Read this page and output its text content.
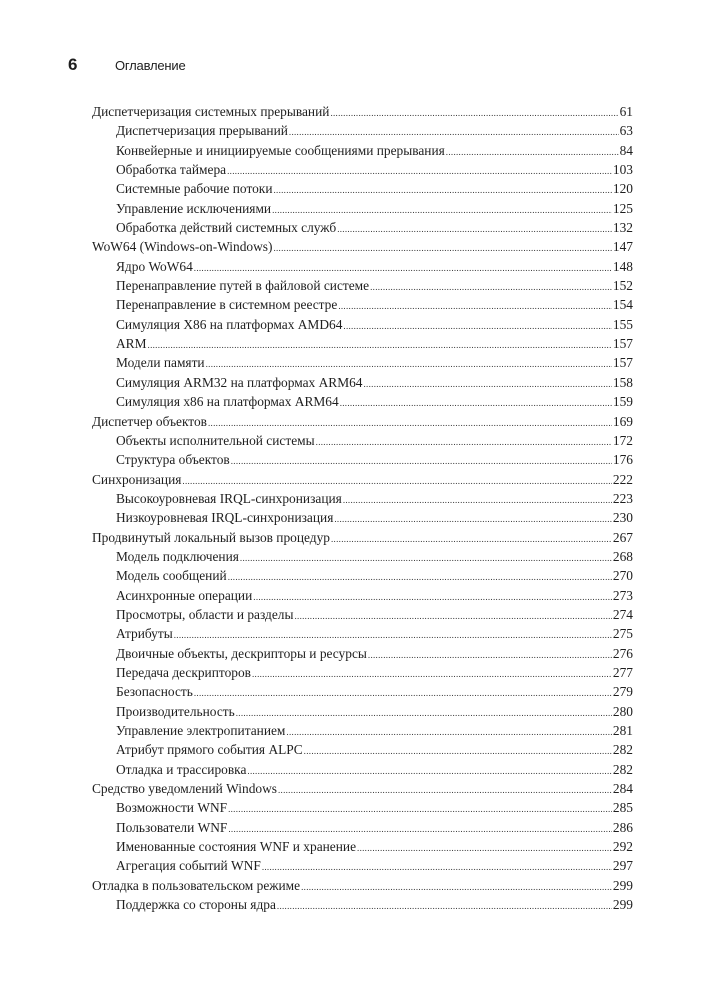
6	Оглавление
Диспетчеризация системных прерываний .....	61
Диспетчеризация прерываний .....	63
Конвейерные и инициируемые сообщениями прерывания .....	84
Обработка таймера .....	103
Системные рабочие потоки .....	120
Управление исключениями .....	125
Обработка действий системных служб .....	132
WoW64 (Windows-on-Windows) .....	147
Ядро WoW64 .....	148
Перенаправление путей в файловой системе .....	152
Перенаправление в системном реестре .....	154
Симуляция X86 на платформах AMD64 .....	155
ARM .....	157
Модели памяти .....	157
Симуляция ARM32 на платформах ARM64 .....	158
Симуляция x86 на платформах ARM64 .....	159
Диспетчер объектов .....	169
Объекты исполнительной системы .....	172
Структура объектов .....	176
Синхронизация .....	222
Высокоуровневая IRQL-синхронизация .....	223
Низкоуровневая IRQL-синхронизация .....	230
Продвинутый локальный вызов процедур .....	267
Модель подключения .....	268
Модель сообщений .....	270
Асинхронные операции .....	273
Просмотры, области и разделы .....	274
Атрибуты .....	275
Двоичные объекты, дескрипторы и ресурсы .....	276
Передача дескрипторов .....	277
Безопасность .....	279
Производительность .....	280
Управление электропитанием .....	281
Атрибут прямого события ALPC .....	282
Отладка и трассировка .....	282
Средство уведомлений Windows .....	284
Возможности WNF .....	285
Пользователи WNF .....	286
Именованные состояния WNF и хранение .....	292
Агрегация событий WNF .....	297
Отладка в пользовательском режиме .....	299
Поддержка со стороны ядра .....	299
